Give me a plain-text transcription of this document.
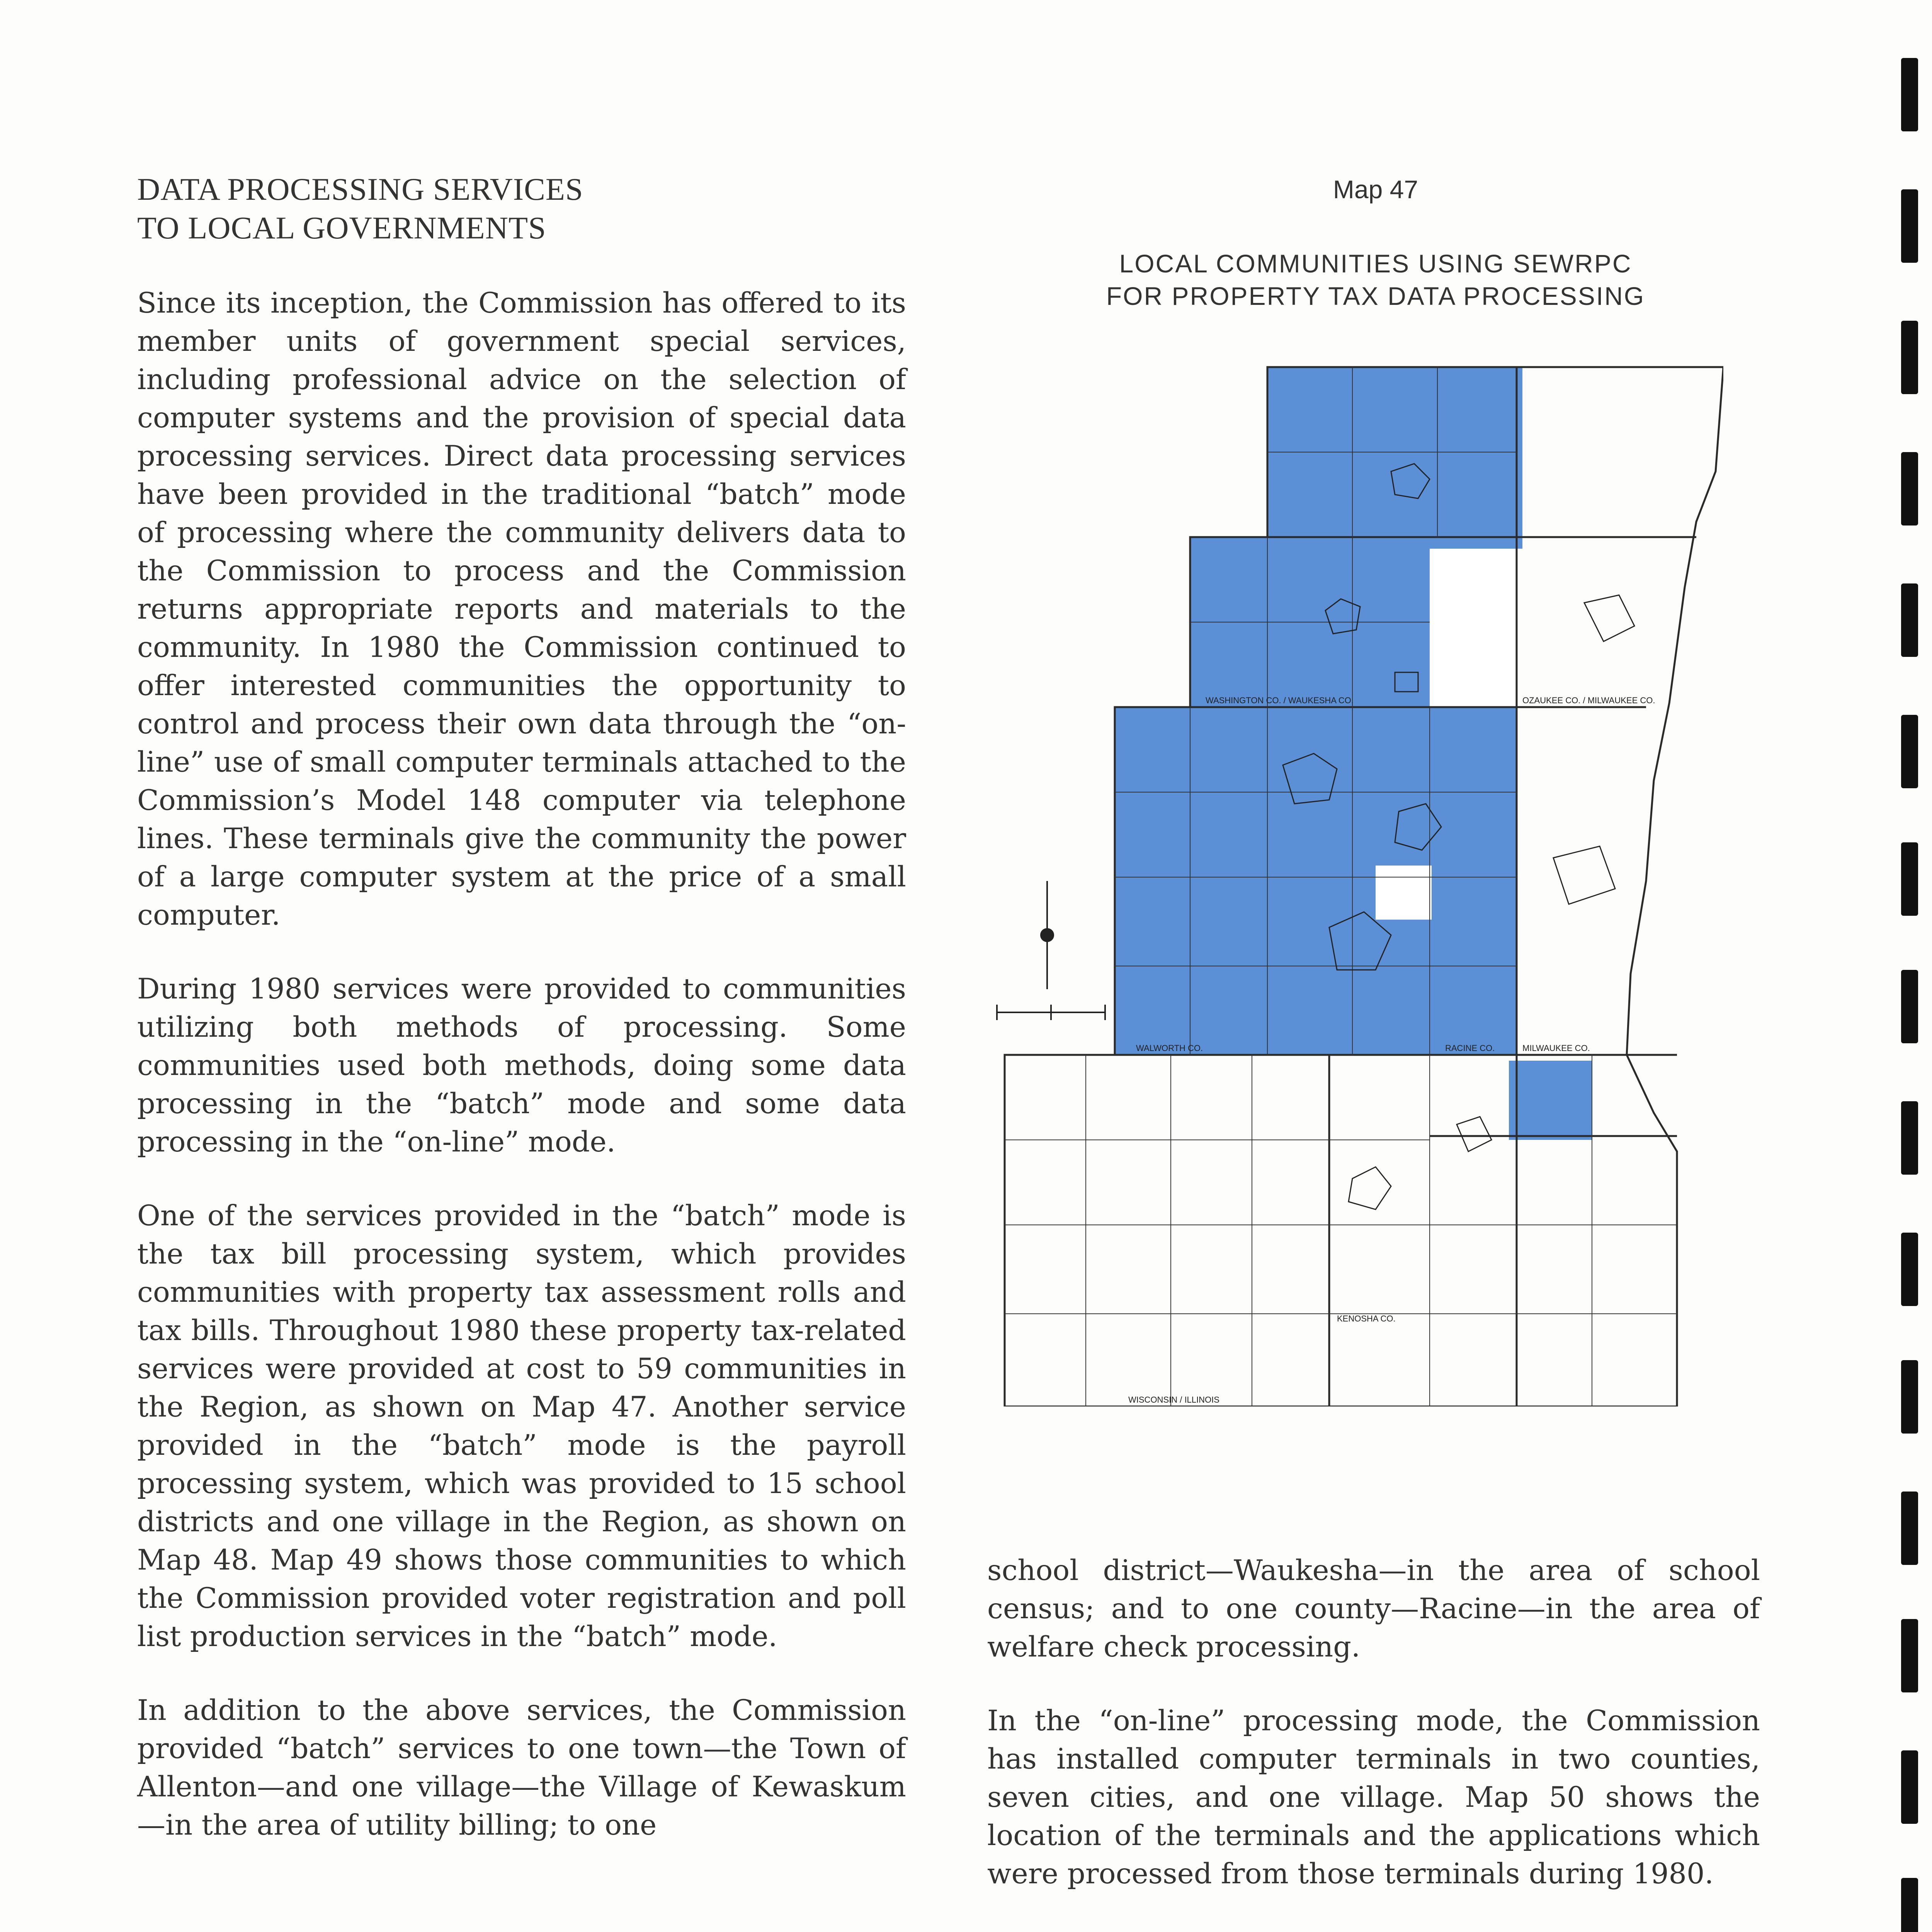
DATA PROCESSING SERVICES
TO LOCAL GOVERNMENTS

Since its inception, the Commission has offered to its member units of government special services, including professional advice on the selection of computer systems and the provision of special data processing services. Direct data processing services have been provided in the traditional “batch” mode of processing where the community delivers data to the Commission to process and the Commission returns appropriate reports and materials to the community. In 1980 the Commission continued to offer interested communities the opportunity to control and process their own data through the “on-line” use of small computer terminals attached to the Commission’s Model 148 computer via telephone lines. These terminals give the community the power of a large computer system at the price of a small computer.

During 1980 services were provided to communities utilizing both methods of processing. Some communities used both methods, doing some data processing in the “batch” mode and some data processing in the “on-line” mode.

One of the services provided in the “batch” mode is the tax bill processing system, which provides communities with property tax assessment rolls and tax bills. Throughout 1980 these property tax-related services were provided at cost to 59 communities in the Region, as shown on Map 47. Another service provided in the “batch” mode is the payroll processing system, which was provided to 15 school districts and one village in the Region, as shown on Map 48. Map 49 shows those communities to which the Commission provided voter registration and poll list production services in the “batch” mode.

In addition to the above services, the Commission provided “batch” services to one town—the Town of Allenton—and one village—the Village of Kewaskum—in the area of utility billing; to one

Map 47
LOCAL COMMUNITIES USING SEWRPC
FOR PROPERTY TAX DATA PROCESSING
WASHINGTON CO. / WAUKESHA CO.	OZAUKEE CO. / MILWAUKEE CO.
WALWORTH CO.	RACINE CO.	MILWAUKEE CO.
KENOSHA CO.
WISCONSIN / ILLINOIS

school district—Waukesha—in the area of school census; and to one county—Racine—in the area of welfare check processing.

In the “on-line” processing mode, the Commission has installed computer terminals in two counties, seven cities, and one village. Map 50 shows the location of the terminals and the applications which were processed from those terminals during 1980.
